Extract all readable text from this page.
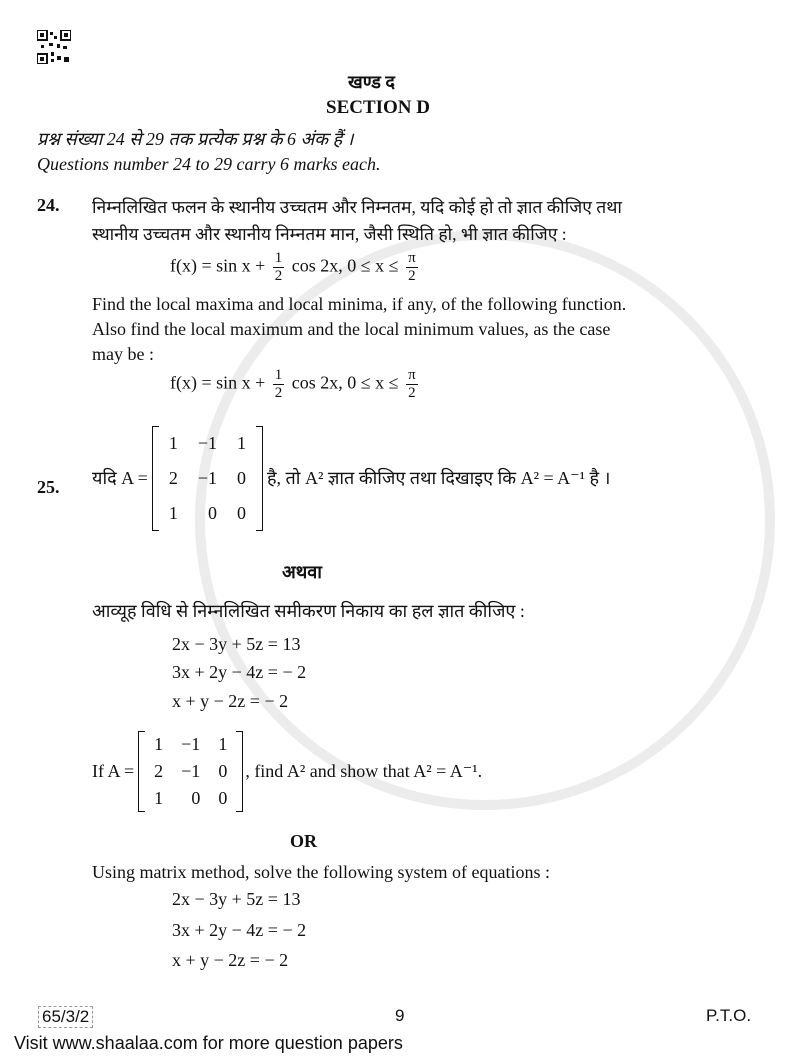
खण्ड द
SECTION D
प्रश्न संख्या 24 से 29 तक प्रत्येक प्रश्न के 6 अंक हैं ।
Questions number 24 to 29 carry 6 marks each.
24. निम्नलिखित फलन के स्थानीय उच्चतम और निम्नतम, यदि कोई हो तो ज्ञात कीजिए तथा
स्थानीय उच्चतम और स्थानीय निम्नतम मान, जैसी स्थिति हो, भी ज्ञात कीजिए :
$f(x) = \sin x + \frac{1}{2}$ cos 2x, $0 \le x \le \frac{\pi}{2}$
Find the local maxima and local minima, if any, of the following function.
Also find the local maximum and the local minimum values, as the case
may be :
$f(x) = \sin x + \frac{1}{2}$ cos 2x, $0 \le x \le \frac{\pi}{2}$
25. यदि A =
1	−1	1
2	−1	0
1	0	0
है, तो A² ज्ञात कीजिए तथा दिखाइए कि A² = A⁻¹ है ।
अथवा
आव्यूह विधि से निम्नलिखित समीकरण निकाय का हल ज्ञात कीजिए :
2x − 3y + 5z = 13
3x + 2y − 4z = − 2
x + y − 2z = − 2
If A =
1	−1	1
2	−1	0
1	0	0
, find A² and show that A² = A⁻¹.
OR
Using matrix method, solve the following system of equations :
2x − 3y + 5z = 13
3x + 2y − 4z = − 2
x + y − 2z = − 2
65/3/2	9	P.T.O.
Visit www.shaalaa.com for more question papers
